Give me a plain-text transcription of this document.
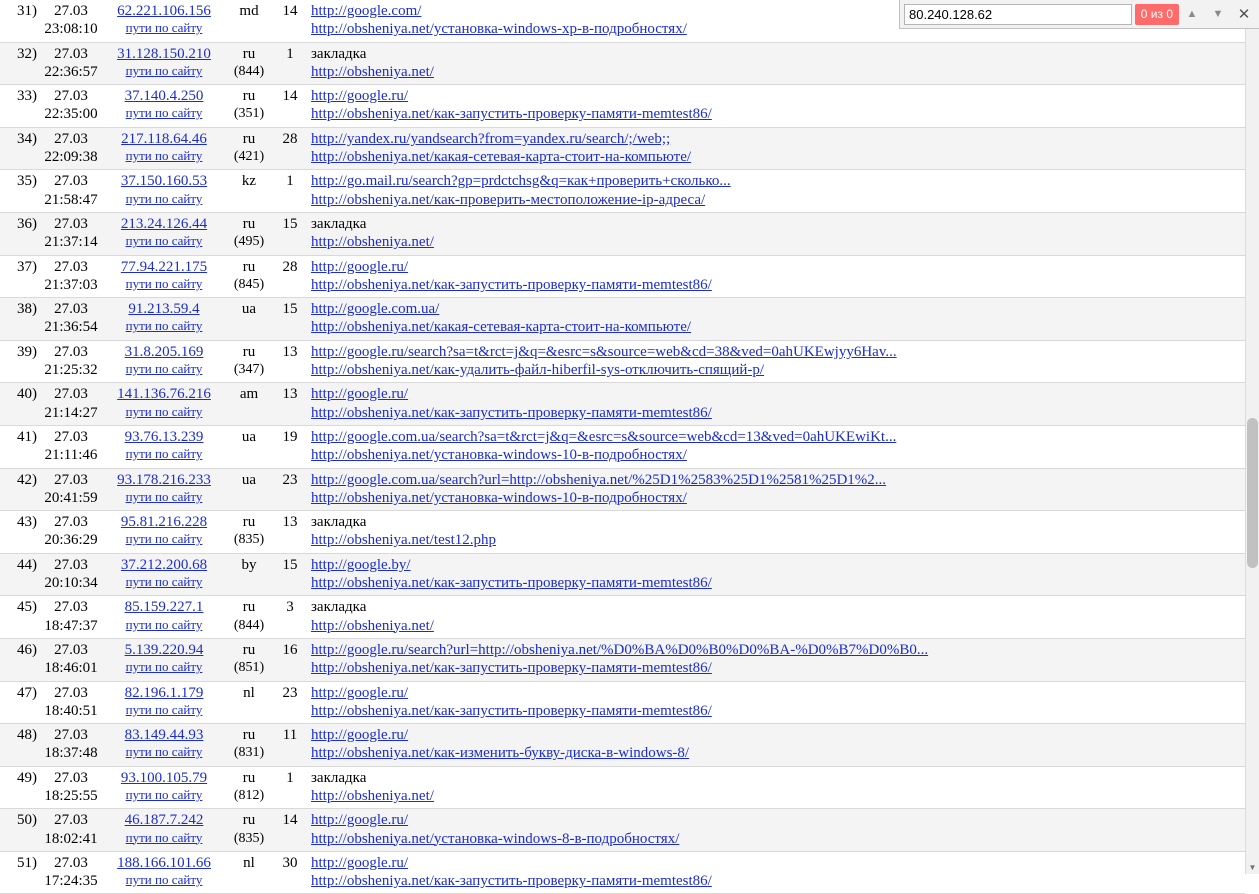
31)	27.03
23:08:10	62.221.106.156
пути по сайту	md	14	http://google.com/
http://obsheniya.net/установка-windows-xp-в-подробностях/

32)	27.03
22:36:57	31.128.150.210
пути по сайту	ru
(844)	1	закладка
http://obsheniya.net/

33)	27.03
22:35:00	37.140.4.250
пути по сайту	ru
(351)	14	http://google.ru/
http://obsheniya.net/как-запустить-проверку-памяти-memtest86/

34)	27.03
22:09:38	217.118.64.46
пути по сайту	ru
(421)	28	http://yandex.ru/yandsearch?from=yandex.ru/search/;/web;;
http://obsheniya.net/какая-сетевая-карта-стоит-на-компьюте/

35)	27.03
21:58:47	37.150.160.53
пути по сайту	kz	1	http://go.mail.ru/search?gp=prdctchsg&q=как+проверить+сколько...
http://obsheniya.net/как-проверить-местоположение-ip-адреса/

36)	27.03
21:37:14	213.24.126.44
пути по сайту	ru
(495)	15	закладка
http://obsheniya.net/

37)	27.03
21:37:03	77.94.221.175
пути по сайту	ru
(845)	28	http://google.ru/
http://obsheniya.net/как-запустить-проверку-памяти-memtest86/

38)	27.03
21:36:54	91.213.59.4
пути по сайту	ua	15	http://google.com.ua/
http://obsheniya.net/какая-сетевая-карта-стоит-на-компьюте/

39)	27.03
21:25:32	31.8.205.169
пути по сайту	ru
(347)	13	http://google.ru/search?sa=t&rct=j&q=&esrc=s&source=web&cd=38&ved=0ahUKEwjyy6Hav...
http://obsheniya.net/как-удалить-файл-hiberfil-sys-отключить-спящий-р/

40)	27.03
21:14:27	141.136.76.216
пути по сайту	am	13	http://google.ru/
http://obsheniya.net/как-запустить-проверку-памяти-memtest86/

41)	27.03
21:11:46	93.76.13.239
пути по сайту	ua	19	http://google.com.ua/search?sa=t&rct=j&q=&esrc=s&source=web&cd=13&ved=0ahUKEwiKt...
http://obsheniya.net/установка-windows-10-в-подробностях/

42)	27.03
20:41:59	93.178.216.233
пути по сайту	ua	23	http://google.com.ua/search?url=http://obsheniya.net/%25D1%2583%25D1%2581%25D1%2...
http://obsheniya.net/установка-windows-10-в-подробностях/

43)	27.03
20:36:29	95.81.216.228
пути по сайту	ru
(835)	13	закладка
http://obsheniya.net/test12.php

44)	27.03
20:10:34	37.212.200.68
пути по сайту	by	15	http://google.by/
http://obsheniya.net/как-запустить-проверку-памяти-memtest86/

45)	27.03
18:47:37	85.159.227.1
пути по сайту	ru
(844)	3	закладка
http://obsheniya.net/

46)	27.03
18:46:01	5.139.220.94
пути по сайту	ru
(851)	16	http://google.ru/search?url=http://obsheniya.net/%D0%BA%D0%B0%D0%BA-%D0%B7%D0%B0...
http://obsheniya.net/как-запустить-проверку-памяти-memtest86/

47)	27.03
18:40:51	82.196.1.179
пути по сайту	nl	23	http://google.ru/
http://obsheniya.net/как-запустить-проверку-памяти-memtest86/

48)	27.03
18:37:48	83.149.44.93
пути по сайту	ru
(831)	11	http://google.ru/
http://obsheniya.net/как-изменить-букву-диска-в-windows-8/

49)	27.03
18:25:55	93.100.105.79
пути по сайту	ru
(812)	1	закладка
http://obsheniya.net/

50)	27.03
18:02:41	46.187.7.242
пути по сайту	ru
(835)	14	http://google.ru/
http://obsheniya.net/установка-windows-8-в-подробностях/

51)	27.03
17:24:35	188.166.101.66
пути по сайту	nl	30	http://google.ru/
http://obsheniya.net/как-запустить-проверку-памяти-memtest86/
▼
80.240.128.62
0 из 0	▲	▼ ✕
